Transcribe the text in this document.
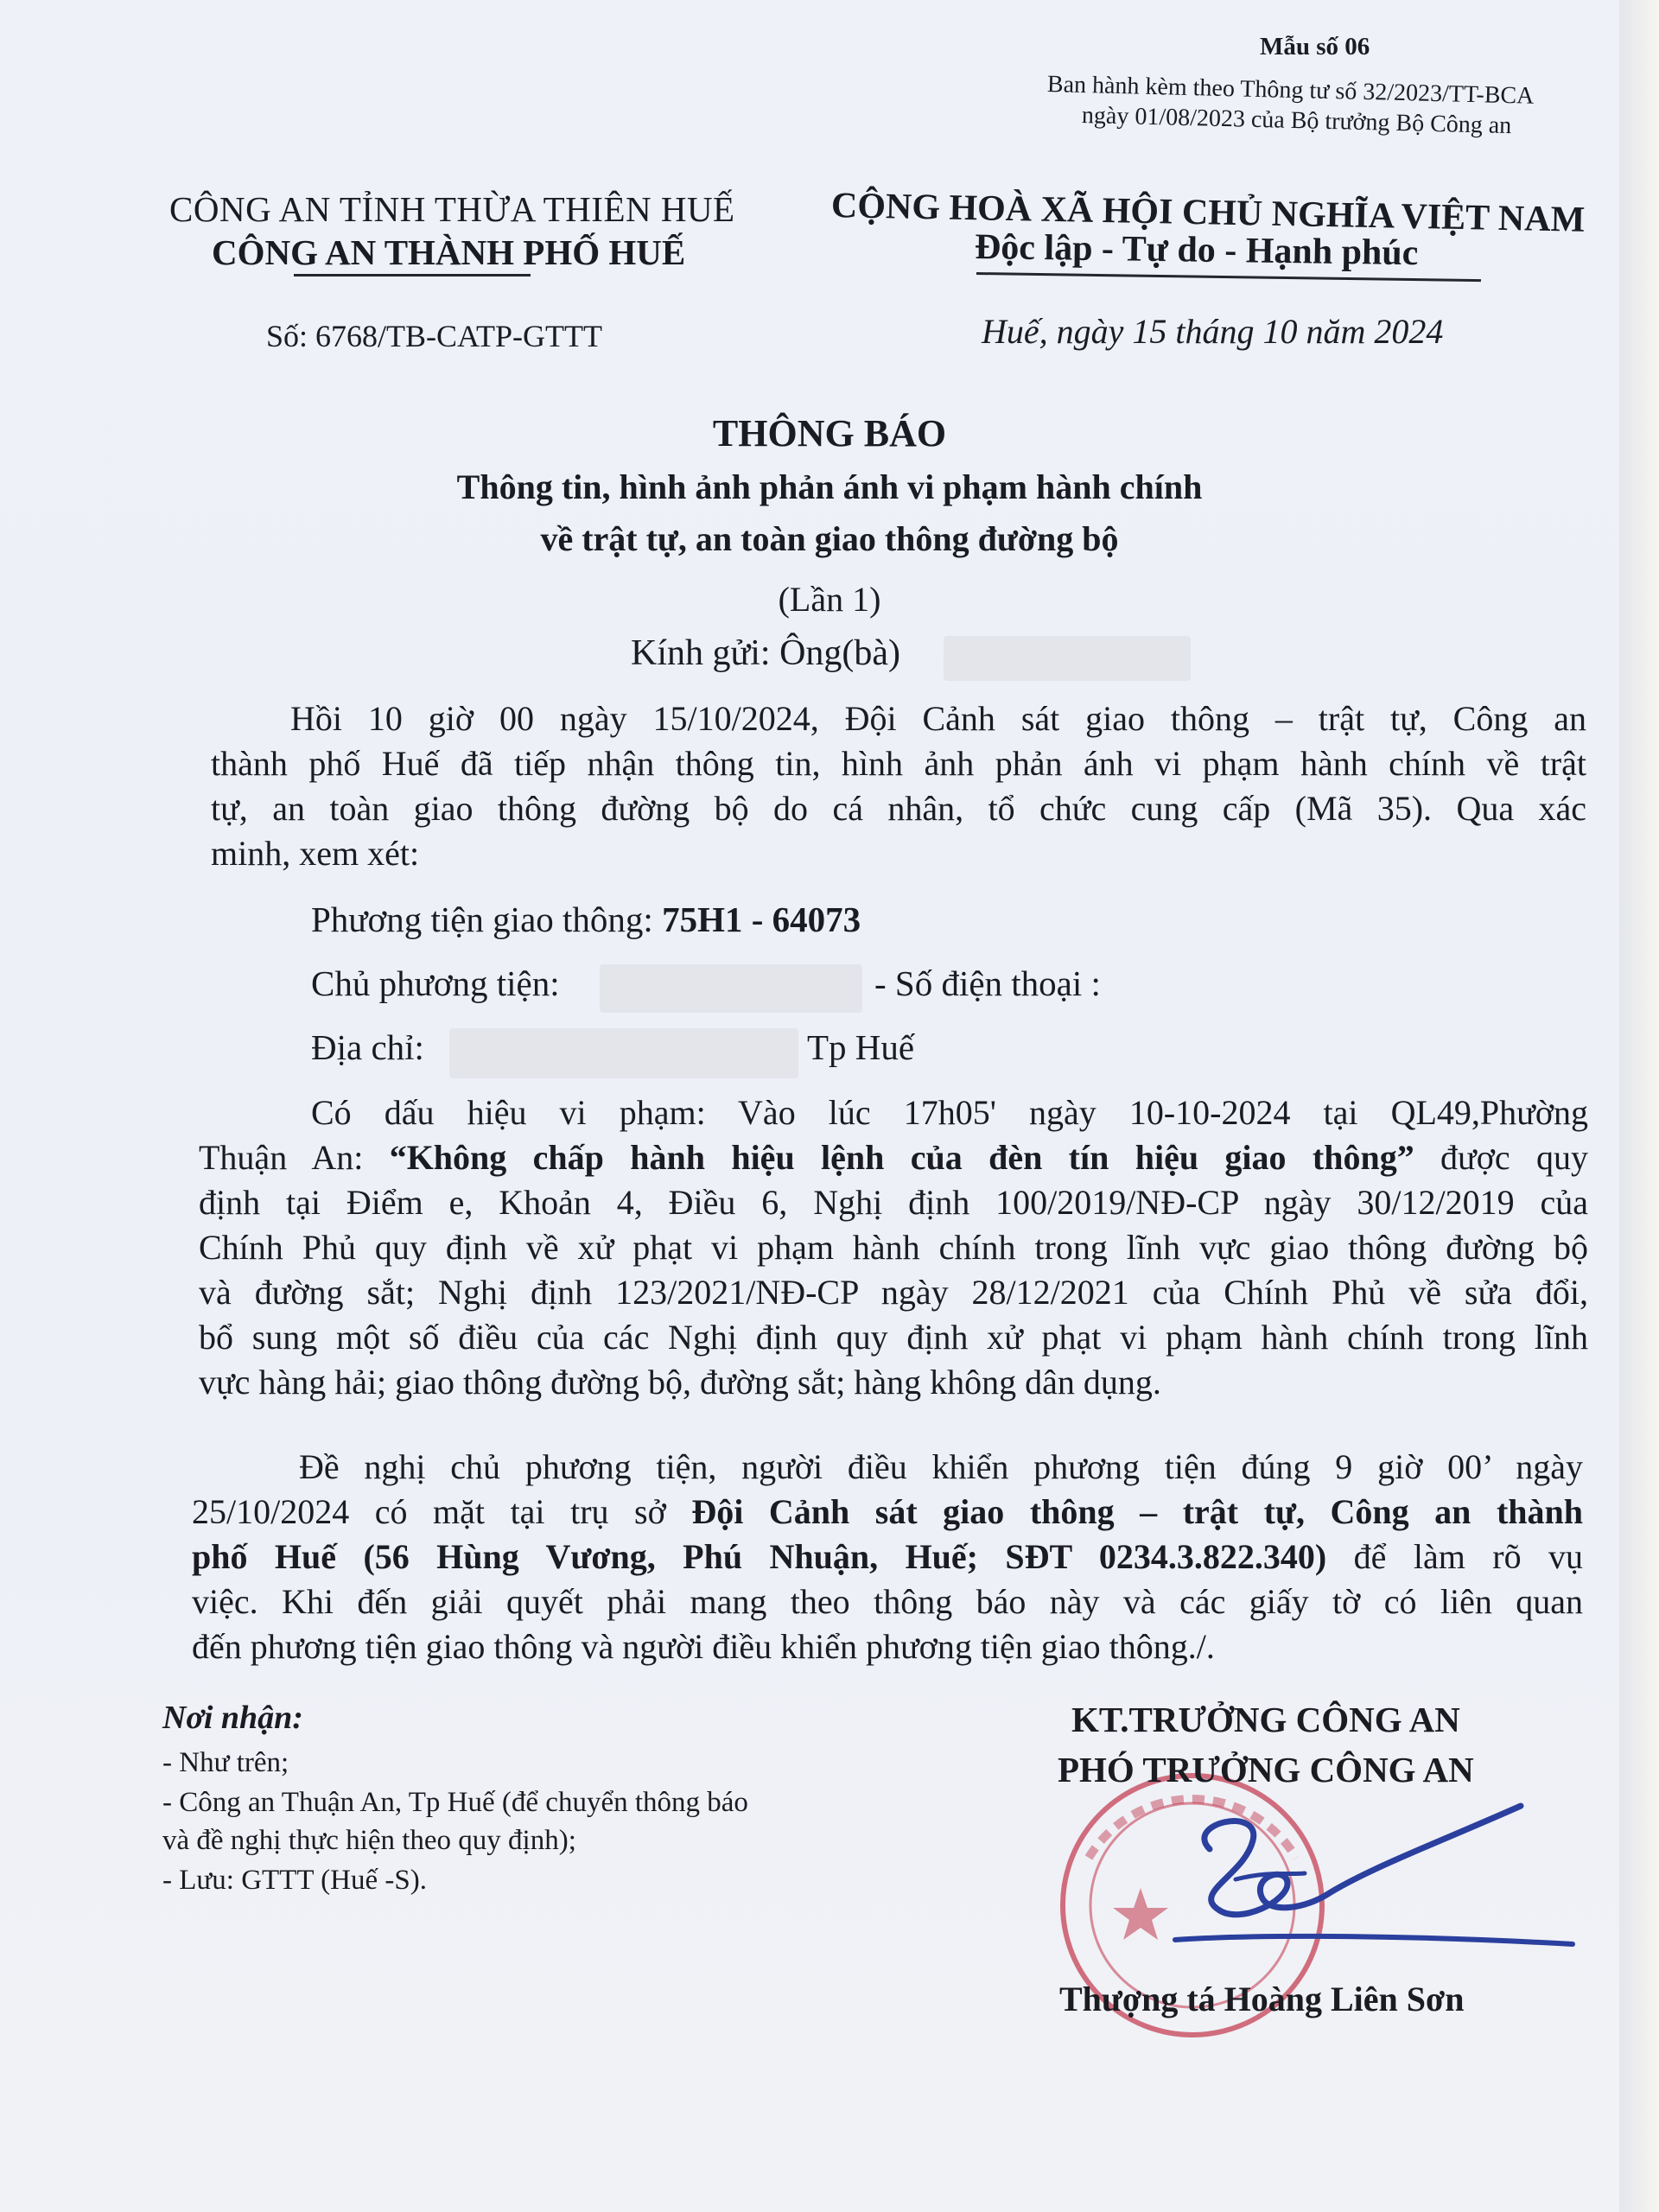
Mẫu số 06
Ban hành kèm theo Thông tư số 32/2023/TT-BCA
ngày 01/08/2023 của Bộ trưởng Bộ Công an
CÔNG AN TỈNH THỪA THIÊN HUẾ
CÔNG AN THÀNH PHỐ HUẾ
CỘNG HOÀ XÃ HỘI CHỦ NGHĨA VIỆT NAM
Độc lập - Tự do - Hạnh phúc
Số: 6768/TB-CATP-GTTT	Huế, ngày 15 tháng 10 năm 2024
THÔNG BÁO
Thông tin, hình ảnh phản ánh vi phạm hành chính
về trật tự, an toàn giao thông đường bộ
(Lần 1)
Kính gửi: Ông(bà)
Hồi 10 giờ 00 ngày 15/10/2024, Đội Cảnh sát giao thông – trật tự, Công an
thành phố Huế đã tiếp nhận thông tin, hình ảnh phản ánh vi phạm hành chính về trật
tự, an toàn giao thông đường bộ do cá nhân, tổ chức cung cấp (Mã 35). Qua xác
minh, xem xét:
Phương tiện giao thông: 75H1 - 64073
Chủ phương tiện:	- Số điện thoại :
Địa chỉ:	Tp Huế
Có dấu hiệu vi phạm: Vào lúc 17h05' ngày 10-10-2024 tại QL49,Phường
Thuận An: “Không chấp hành hiệu lệnh của đèn tín hiệu giao thông” được quy
định tại Điểm e, Khoản 4, Điều 6, Nghị định 100/2019/NĐ-CP ngày 30/12/2019 của
Chính Phủ quy định về xử phạt vi phạm hành chính trong lĩnh vực giao thông đường bộ
và đường sắt; Nghị định 123/2021/NĐ-CP ngày 28/12/2021 của Chính Phủ về sửa đổi,
bổ sung một số điều của các Nghị định quy định xử phạt vi phạm hành chính trong lĩnh
vực hàng hải; giao thông đường bộ, đường sắt; hàng không dân dụng.
Đề nghị chủ phương tiện, người điều khiển phương tiện đúng 9 giờ 00’ ngày
25/10/2024 có mặt tại trụ sở Đội Cảnh sát giao thông – trật tự, Công an thành
phố Huế (56 Hùng Vương, Phú Nhuận, Huế; SĐT 0234.3.822.340) để làm rõ vụ
việc. Khi đến giải quyết phải mang theo thông báo này và các giấy tờ có liên quan
đến phương tiện giao thông và người điều khiển phương tiện giao thông./.
Nơi nhận:
- Như trên;
- Công an Thuận An, Tp Huế (để chuyển thông báo
và đề nghị thực hiện theo quy định);
- Lưu: GTTT (Huế -S).
KT.TRƯỞNG CÔNG AN
PHÓ TRƯỞNG CÔNG AN
Thượng tá Hoàng Liên Sơn
